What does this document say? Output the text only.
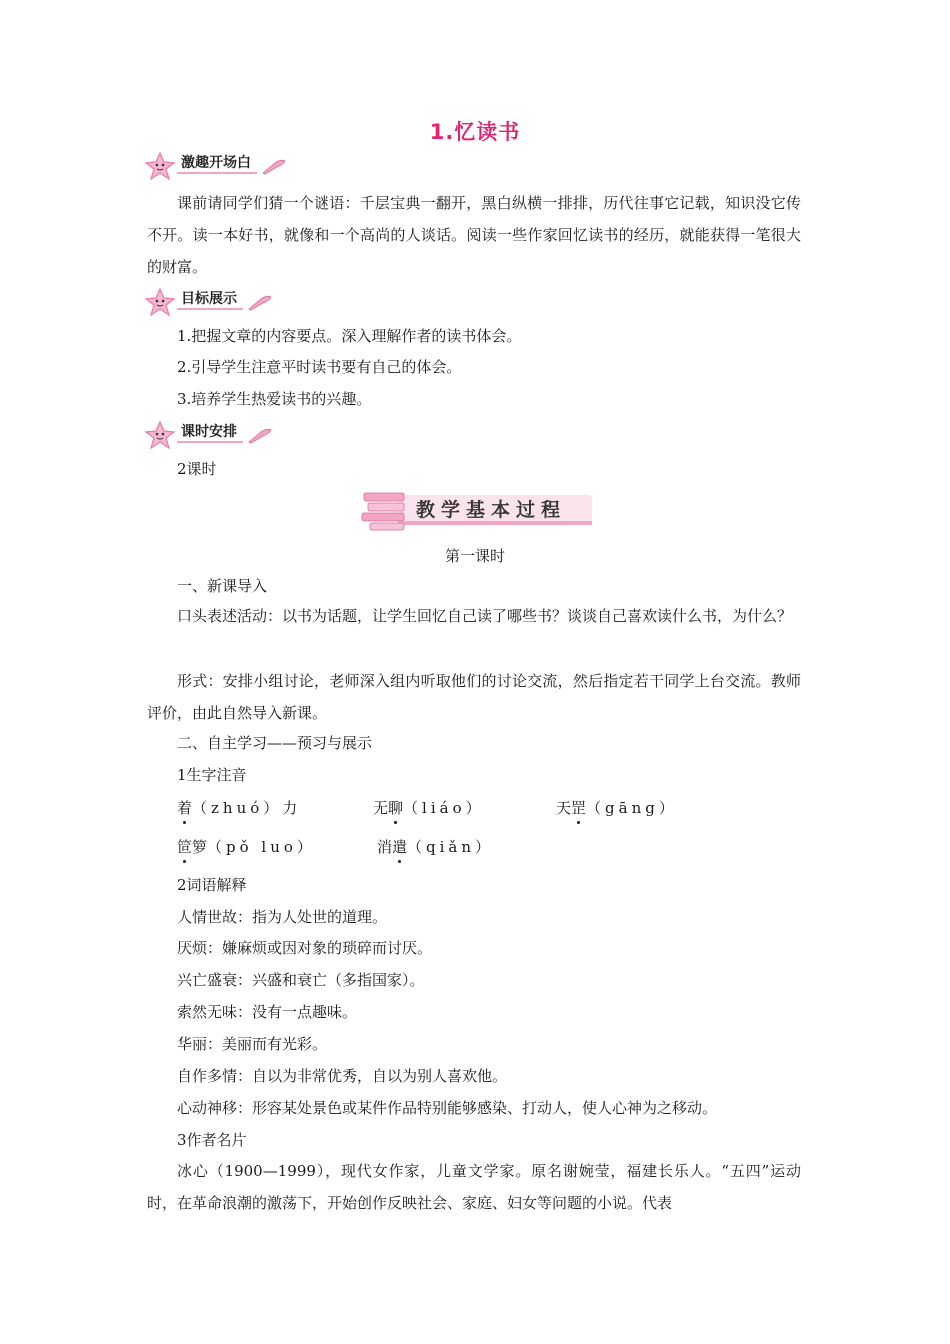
1.忆读书
激趣开场白
课前请同学们猜一个谜语：千层宝典一翻开，黑白纵横一排排，历代往事它记载，知识没它传不开。读一本好书，就像和一个高尚的人谈话。阅读一些作家回忆读书的经历，就能获得一笔很大的财富。
目标展示
1.把握文章的内容要点。深入理解作者的读书体会。
2.引导学生注意平时读书要有自己的体会。
3.培养学生热爱读书的兴趣。
课时安排
2课时
教学基本过程
第一课时
一、新课导入
口头表述活动：以书为话题，让学生回忆自己读了哪些书？谈谈自己喜欢读什么书，为什么？
形式：安排小组讨论，老师深入组内听取他们的讨论交流，然后指定若干同学上台交流。教师评价，由此自然导入新课。
二、自主学习——预习与展示
1生字注音
着（zhuó）力	无聊（liáo）	天罡（gāng）
笸箩（pǒ luo）	消遣（qiǎn）
2词语解释
人情世故：指为人处世的道理。
厌烦：嫌麻烦或因对象的琐碎而讨厌。
兴亡盛衰：兴盛和衰亡（多指国家）。
索然无味：没有一点趣味。
华丽：美丽而有光彩。
自作多情：自以为非常优秀，自以为别人喜欢他。
心动神移：形容某处景色或某件作品特别能够感染、打动人，使人心神为之移动。
3作者名片
冰心（1900—1999），现代女作家，儿童文学家。原名谢婉莹，福建长乐人。“五四”运动时，在革命浪潮的激荡下，开始创作反映社会、家庭、妇女等问题的小说。代表
